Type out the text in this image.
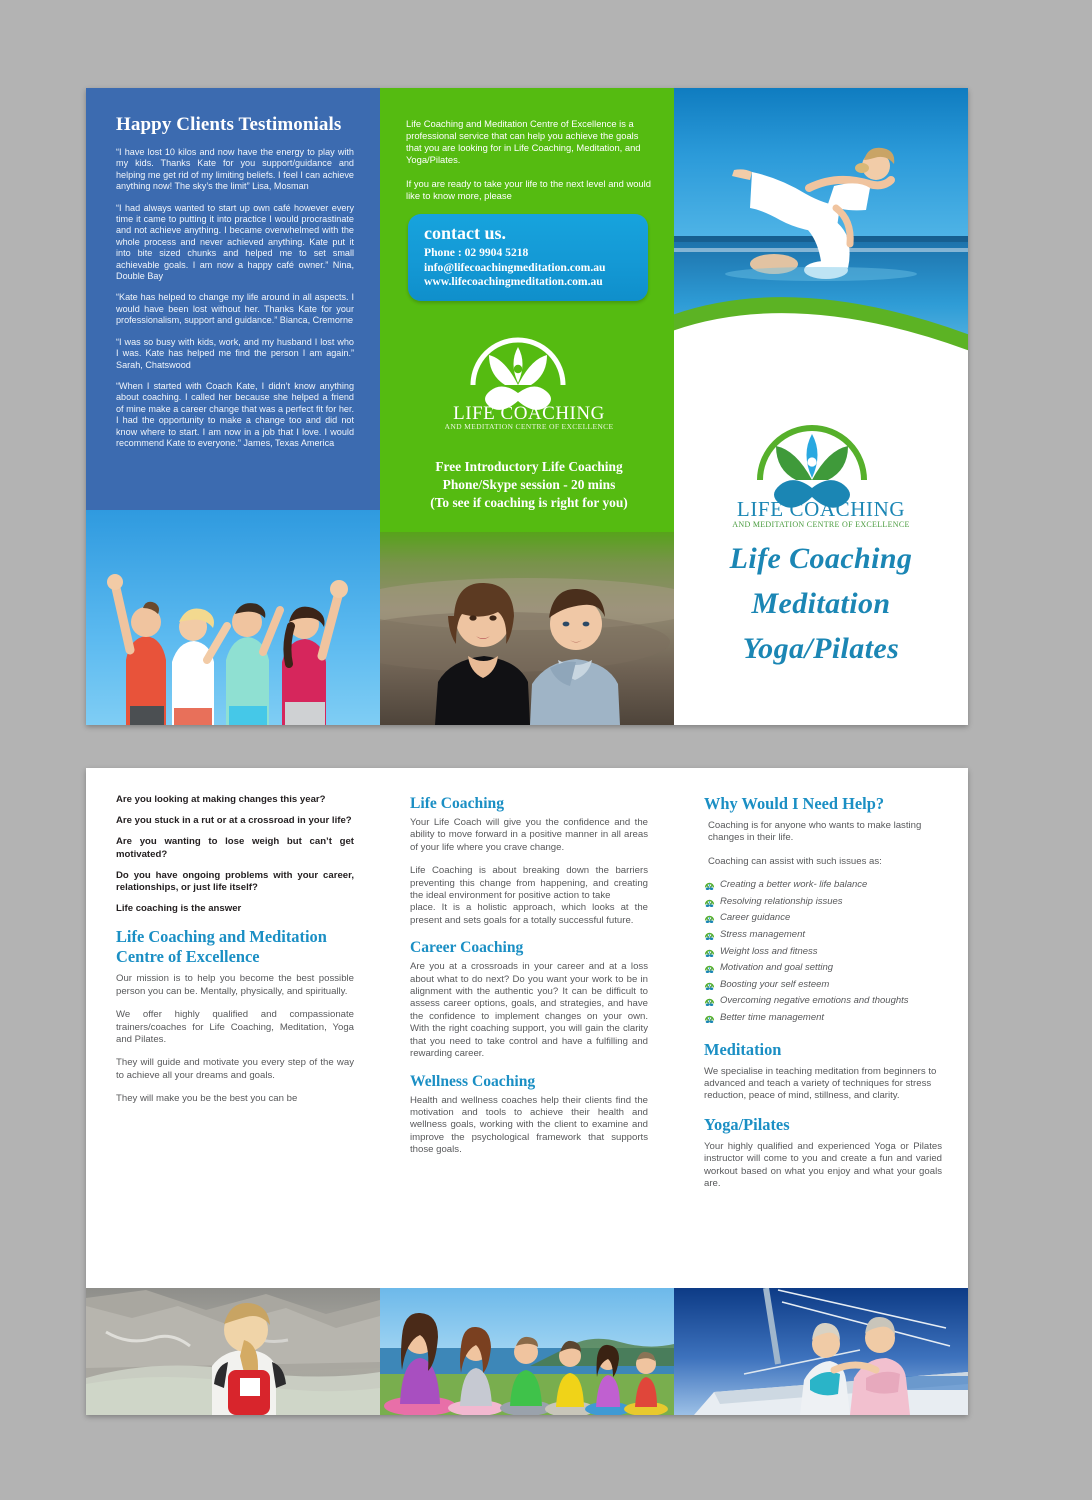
Happy Clients Testimonials
“I have lost 10 kilos and now have the energy to play with my kids. Thanks Kate for you support/guidance and helping me get rid of my limiting beliefs. I feel I can achieve anything now! The sky’s the limit” Lisa, Mosman
“I had always wanted to start up own café however every time it came to putting it into practice I would procrastinate and not achieve anything. I became overwhelmed with the whole process and never achieved anything. Kate put it into bite sized chunks and helped me to set small achievable goals. I am now a happy café owner.” Nina, Double Bay
“Kate has helped to change my life around in all aspects. I would have been lost without her. Thanks Kate for your professionalism, support and guidance.” Bianca, Cremorne
“I was so busy with kids, work, and my husband I lost who I was. Kate has helped me find the person I am again.” Sarah, Chatswood
“When I started with Coach Kate, I didn’t know anything about coaching. I called her because she helped a friend of mine make a career change that was a perfect fit for her. I had the opportunity to make a change too and did not know where to start. I am now in a job that I love. I would recommend Kate to everyone.” James, Texas America
Life Coaching and Meditation Centre of Excellence is a professional service that can help you achieve the goals that you are looking for in Life Coaching, Meditation, and Yoga/Pilates.
If you are ready to take your life to the next level and would like to know more, please
contact us.
Phone : 02 9904 5218
info@lifecoachingmeditation.com.au
www.lifecoachingmeditation.com.au
LIFE COACHING
AND MEDITATION CENTRE OF EXCELLENCE
Free Introductory Life Coaching
Phone/Skype session - 20 mins
(To see if coaching is right for you)	LIFE COACHING
AND MEDITATION CENTRE OF EXCELLENCE
Life Coaching
Meditation
Yoga/Pilates
Are you looking at making changes this year?
Are you stuck in a rut or at a crossroad in your life?
Are you wanting to lose weigh but can’t get motivated?
Do you have ongoing problems with your career, relationships, or just life itself?
Life coaching is the answer
Life Coaching and Meditation Centre of Excellence
Our mission is to help you become the best possible person you can be. Mentally, physically, and spiritually.
We offer highly qualified and compassionate trainers/coaches for Life Coaching, Meditation, Yoga and Pilates.
They will guide and motivate you every step of the way to achieve all your dreams and goals.
They will make you be the best you can be
Life Coaching
Your Life Coach will give you the confidence and the ability to move forward in a positive manner in all areas of your life where you crave change.
Life Coaching is about breaking down the barriers preventing this change from happening, and creating the ideal environment for positive action to take
place. It is a holistic approach, which looks at the present and sets goals for a totally successful future.
Career Coaching
Are you at a crossroads in your career and at a loss about what to do next? Do you want your work to be in alignment with the authentic you? It can be difficult to assess career options, goals, and strategies, and have the confidence to implement changes on your own. With the right coaching support, you will gain the clarity that you need to take control and have a fulfilling and rewarding career.
Wellness Coaching
Health and wellness coaches help their clients find the motivation and tools to achieve their health and wellness goals, working with the client to examine and improve the psychological framework that supports those goals.
Why Would I Need Help?
Coaching is for anyone who wants to make lasting changes in their life.
Coaching can assist with such issues as:
Creating a better work- life balance
Resolving relationship issues
Career guidance
Stress management
Weight loss and fitness
Motivation and goal setting
Boosting your self esteem
Overcoming negative emotions and thoughts
Better time management
Meditation
We specialise in teaching meditation from beginners to advanced and teach a variety of techniques for stress reduction, peace of mind, stillness, and clarity.
Yoga/Pilates
Your highly qualified and experienced Yoga or Pilates instructor will come to you and create a fun and varied workout based on what you enjoy and what your goals are.
